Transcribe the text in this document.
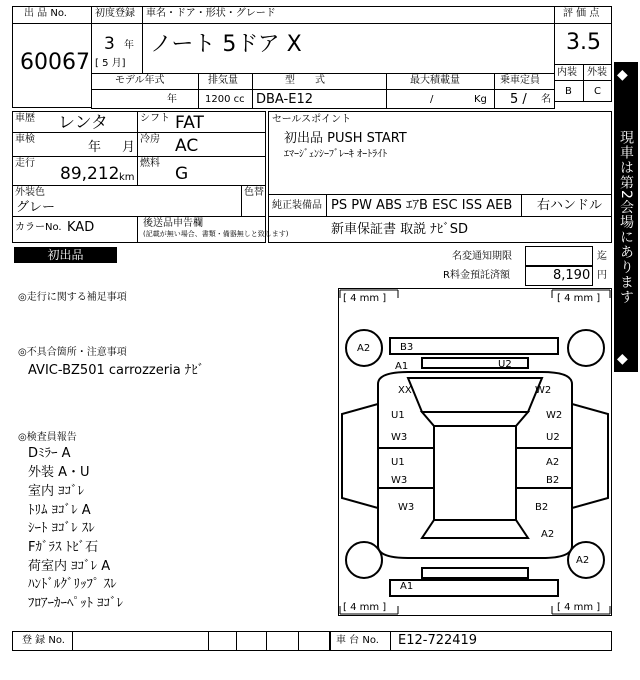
出 品 No.
60067
初度登録
3 年
[ 5 月]
車名・ドア・形状・グレード
ノート 5ドア X
評 価 点
3.5
内装 外装
B C
モデル年式
年
排気量
1200 cc
型　　式
DBA-E12
最大積載量
/	Kg
乗車定員
5 / 名
車歴 レンタ	シフト FAT
車検
年 月
冷房 AC
走行
89,212 km
燃料
G
外装色
グレー
色替
カラーNo. KAD	後送品申告欄
(記載が無い場合、書類・備器無しと致します)
セールスポイント
初出品 PUSH START
ｴﾏｰｼﾞｪﾝｼｰﾌﾞﾚｰｷ ｵｰﾄﾗｲﾄ
純正装備品 PS PW ABS ｴｱB ESC ISS AEB 右ハンドル
新車保証書 取説 ﾅﾋﾞSD
初出品	名変通知期限	迄
R料金預託済額	8,190 円 現車は第2会場にあります
◆
◆
◎走行に関する補足事項
◎不具合箇所・注意事項
AVIC-BZ501 carrozzeria ﾅﾋﾞ
◎検査員報告
Dﾐﾗｰ A
外装 A・U
室内 ﾖｺﾞﾚ
ﾄﾘﾑ ﾖｺﾞﾚ A
ｼｰﾄ ﾖｺﾞﾚ ｽﾚ
Fｶﾞﾗｽ ﾄﾋﾞ石
荷室内 ﾖｺﾞﾚ A
ﾊﾝﾄﾞﾙｸﾞﾘｯﾌﾟ ｽﾚ
ﾌﾛｱｰｶｰﾍﾟｯﾄ ﾖｺﾞﾚ
[ 4 mm ]	[ 4 mm ]
[ 4 mm ]	[ 4 mm ]
A2	B3
A1
XX
U2
W2
U1
W3
W2
U2
U1
W3
A2
B2
W3	B2
A2
A2
A1
登 録 No.	車 台 No. E12-722419
